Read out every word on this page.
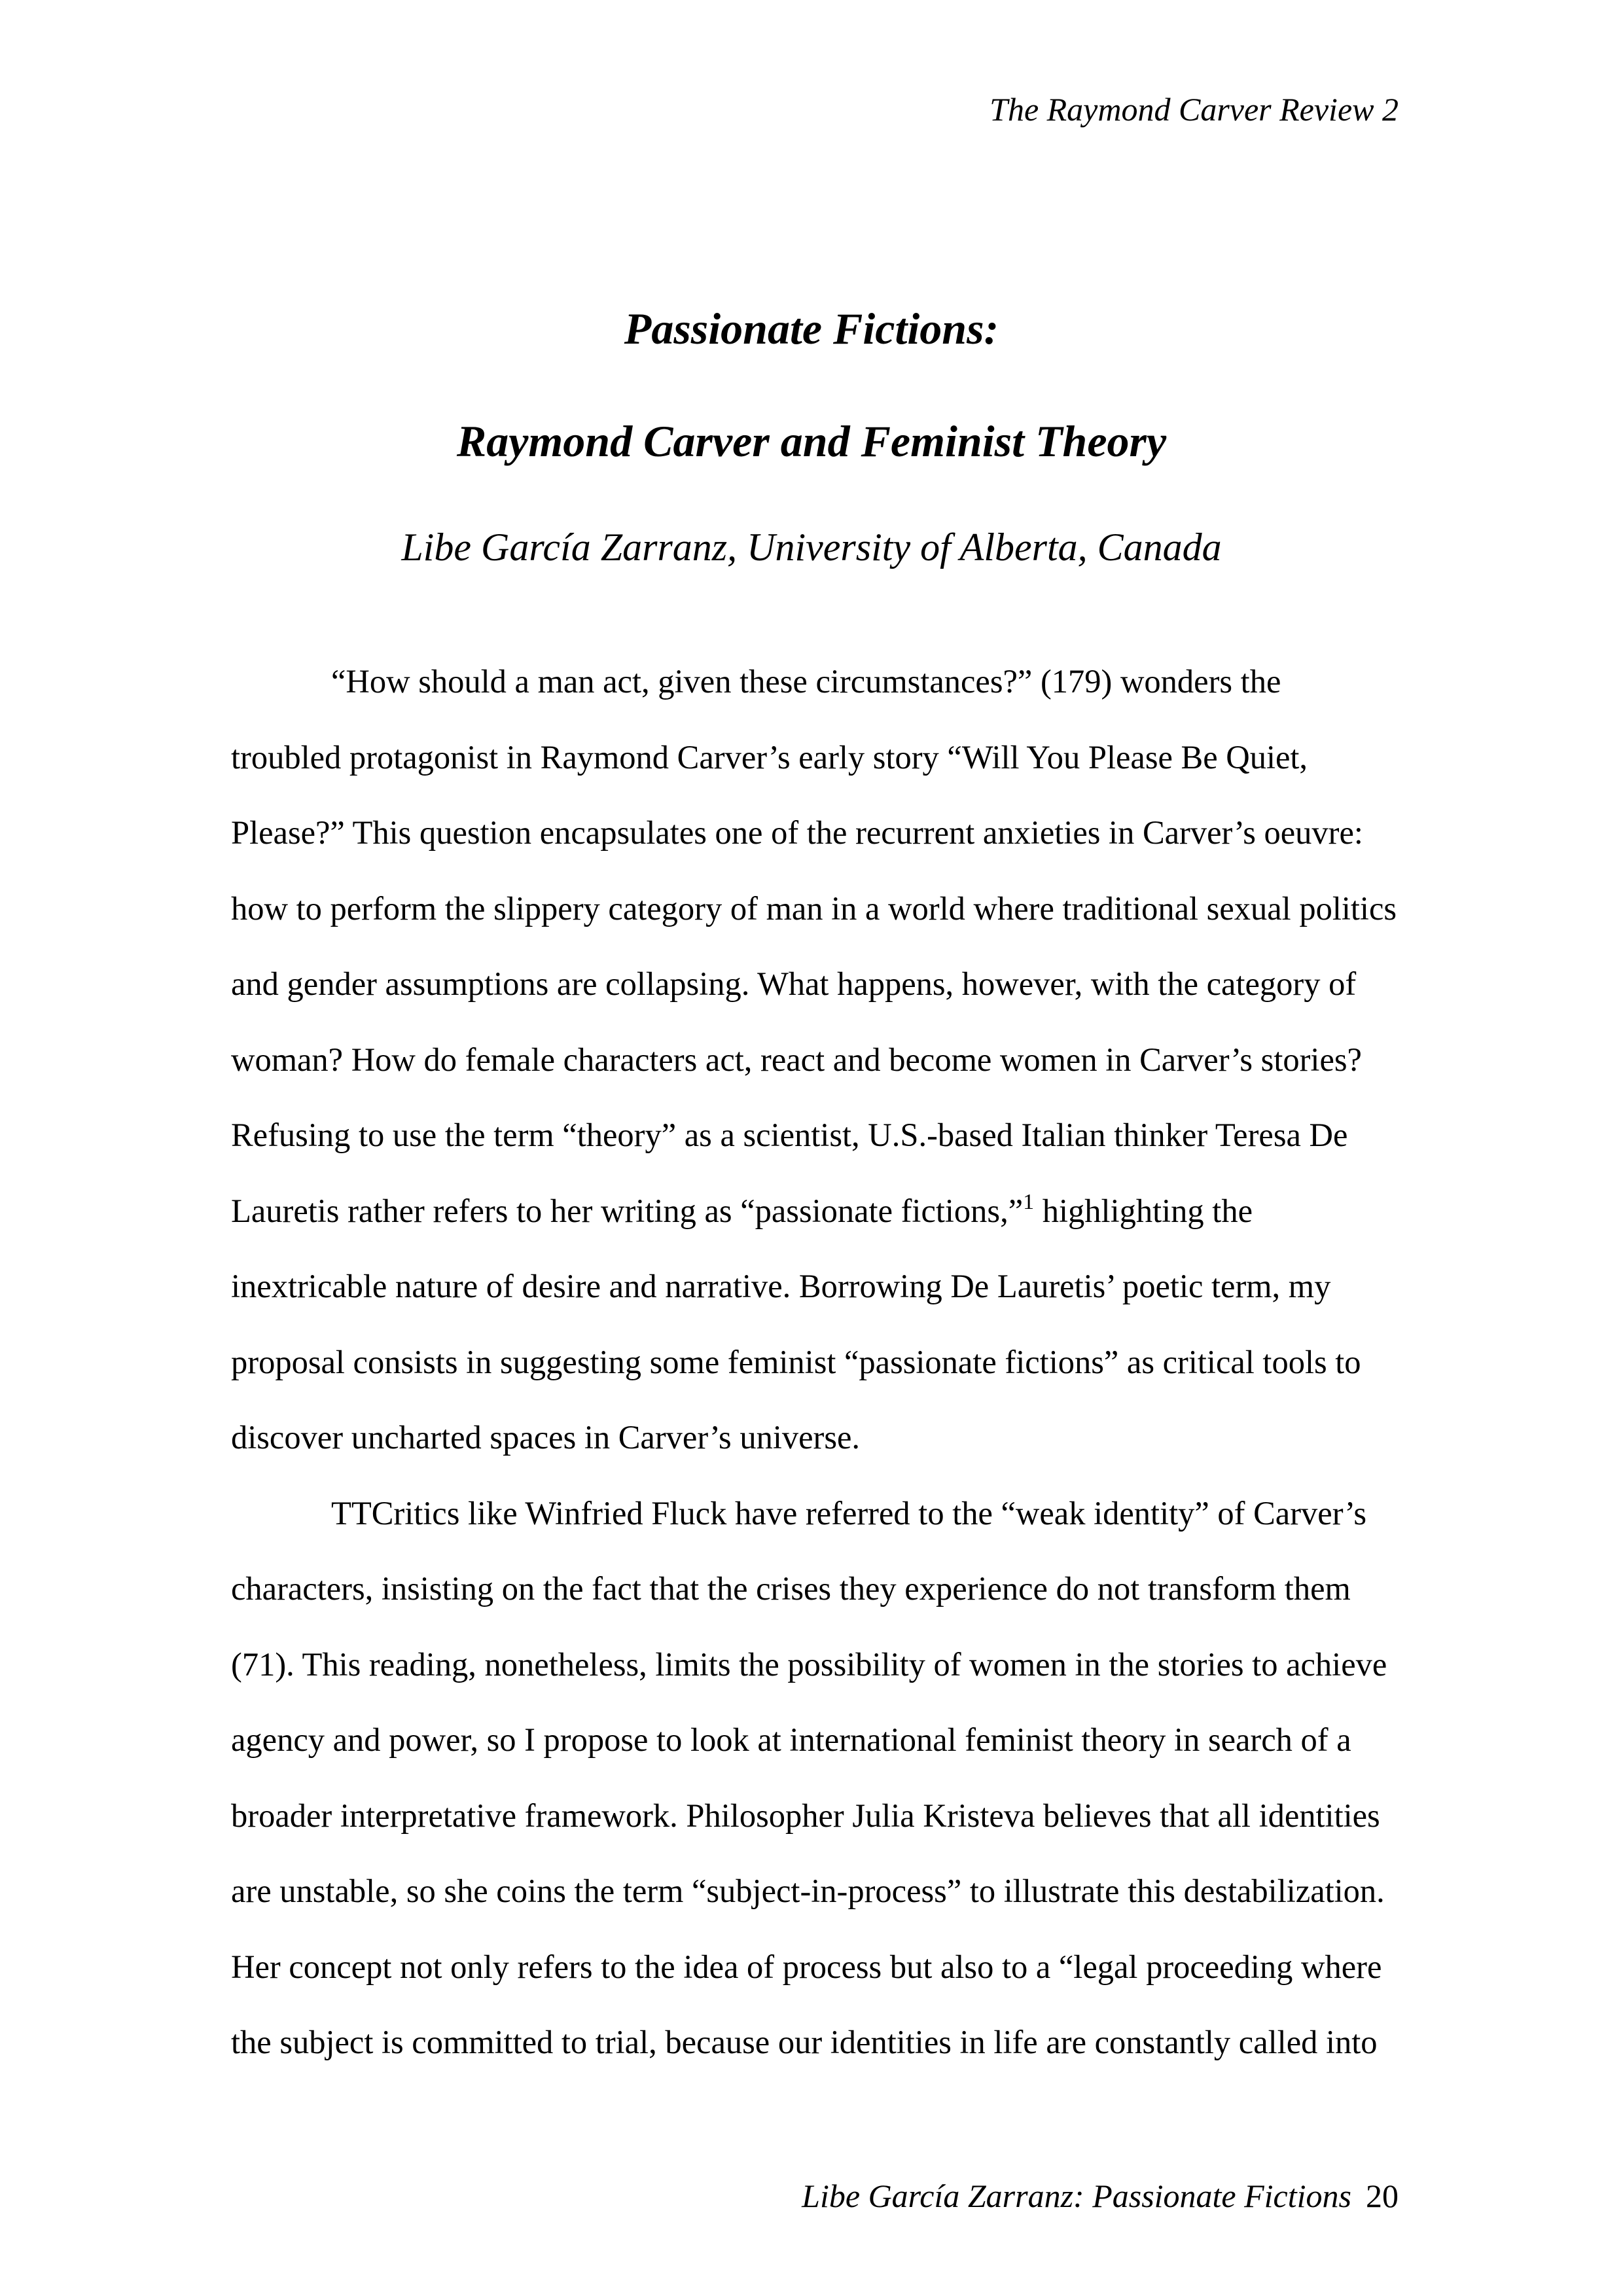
The Raymond Carver Review 2
Passionate Fictions:
Raymond Carver and Feminist Theory
Libe García Zarranz, University of Alberta, Canada

“How should a man act, given these circumstances?” (179) wonders the
troubled protagonist in Raymond Carver’s early story “Will You Please Be Quiet,
Please?” This question encapsulates one of the recurrent anxieties in Carver’s oeuvre:
how to perform the slippery category of man in a world where traditional sexual politics
and gender assumptions are collapsing. What happens, however, with the category of
woman? How do female characters act, react and become women in Carver’s stories?
Refusing to use the term “theory” as a scientist, U.S.-based Italian thinker Teresa De
Lauretis rather refers to her writing as “passionate fictions,”$^1$ highlighting the
inextricable nature of desire and narrative. Borrowing De Lauretis’ poetic term, my
proposal consists in suggesting some feminist “passionate fictions” as critical tools to
discover uncharted spaces in Carver’s universe.

TTCritics like Winfried Fluck have referred to the “weak identity” of Carver’s
characters, insisting on the fact that the crises they experience do not transform them
(71). This reading, nonetheless, limits the possibility of women in the stories to achieve
agency and power, so I propose to look at international feminist theory in search of a
broader interpretative framework. Philosopher Julia Kristeva believes that all identities
are unstable, so she coins the term “subject-in-process” to illustrate this destabilization.
Her concept not only refers to the idea of process but also to a “legal proceeding where
the subject is committed to trial, because our identities in life are constantly called into

Libe García Zarranz: Passionate Fictions 20
